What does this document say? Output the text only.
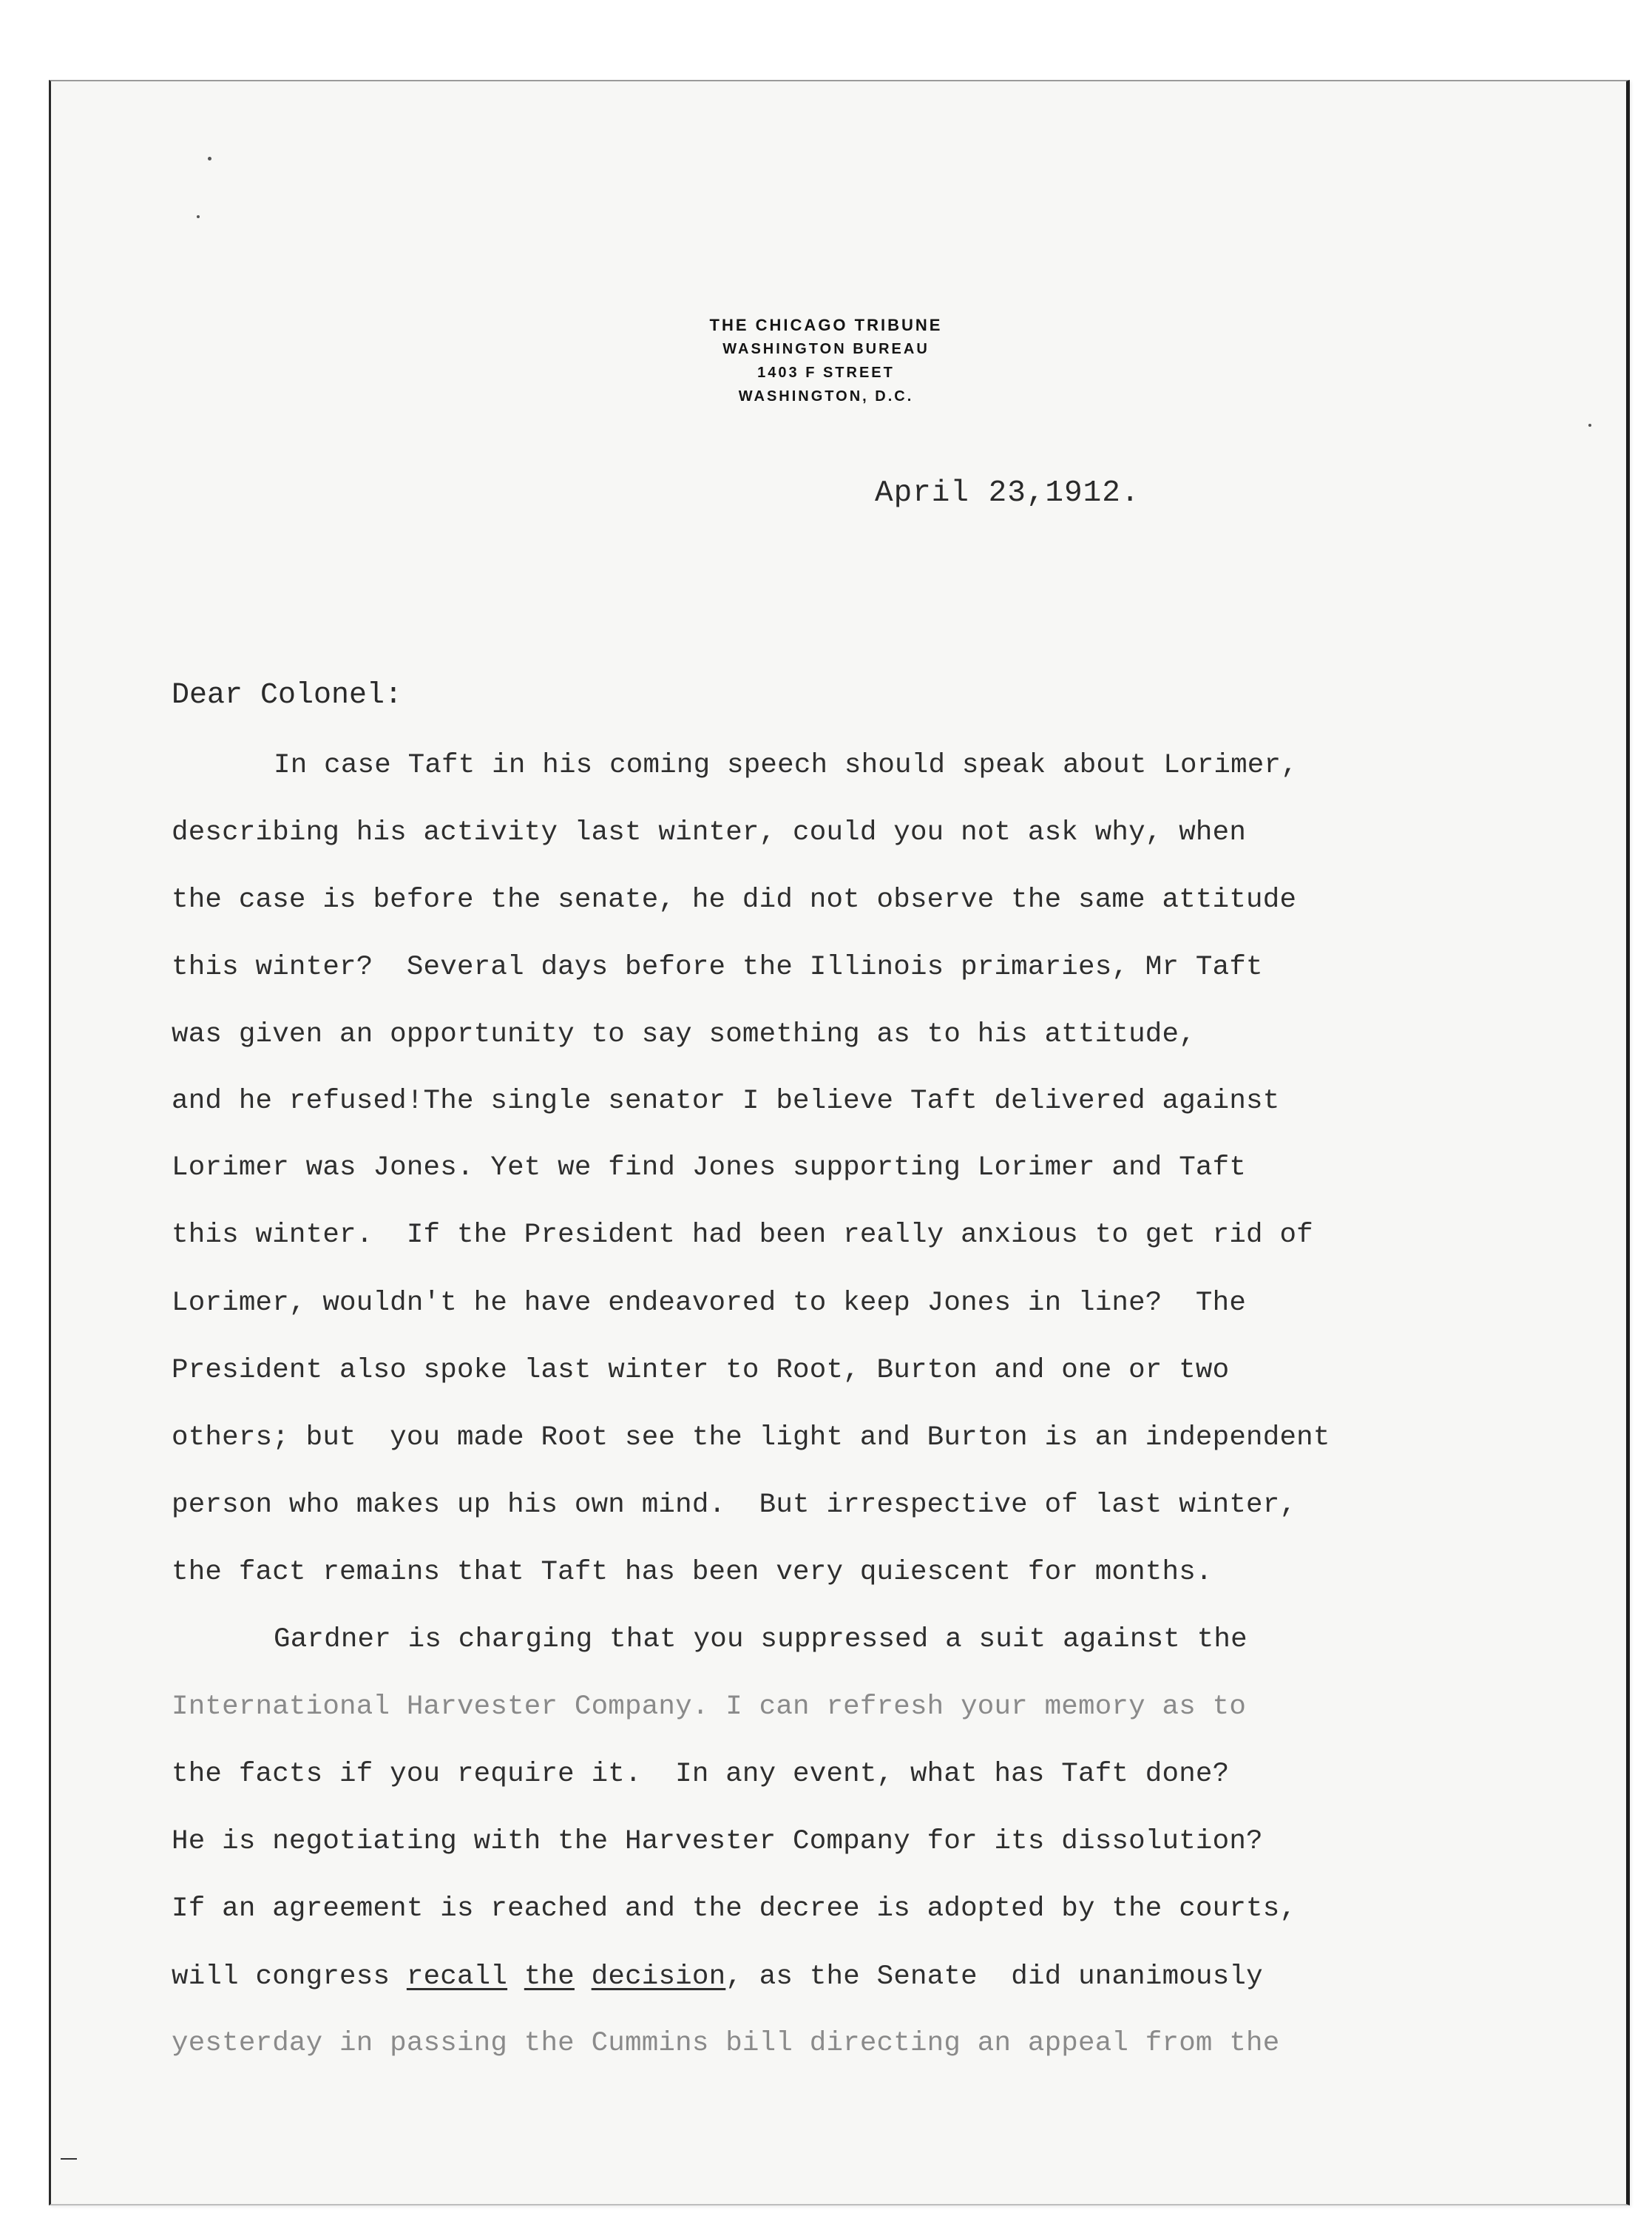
THE CHICAGO TRIBUNE
WASHINGTON BUREAU
1403 F STREET
WASHINGTON, D.C.
April 23,1912.
Dear Colonel:
In case Taft in his coming speech should speak about Lorimer,
describing his activity last winter, could you not ask why, when
the case is before the senate, he did not observe the same attitude
this winter?  Several days before the Illinois primaries, Mr Taft
was given an opportunity to say something as to his attitude,
and he refused!The single senator I believe Taft delivered against
Lorimer was Jones. Yet we find Jones supporting Lorimer and Taft
this winter.  If the President had been really anxious to get rid of
Lorimer, wouldn't he have endeavored to keep Jones in line?  The
President also spoke last winter to Root, Burton and one or two
others; but  you made Root see the light and Burton is an independent
person who makes up his own mind.  But irrespective of last winter,
the fact remains that Taft has been very quiescent for months.
Gardner is charging that you suppressed a suit against the
International Harvester Company. I can refresh your memory as to
the facts if you require it.  In any event, what has Taft done?
He is negotiating with the Harvester Company for its dissolution?
If an agreement is reached and the decree is adopted by the courts,
will congress recall the decision, as the Senate  did unanimously
yesterday in passing the Cummins bill directing an appeal from the
